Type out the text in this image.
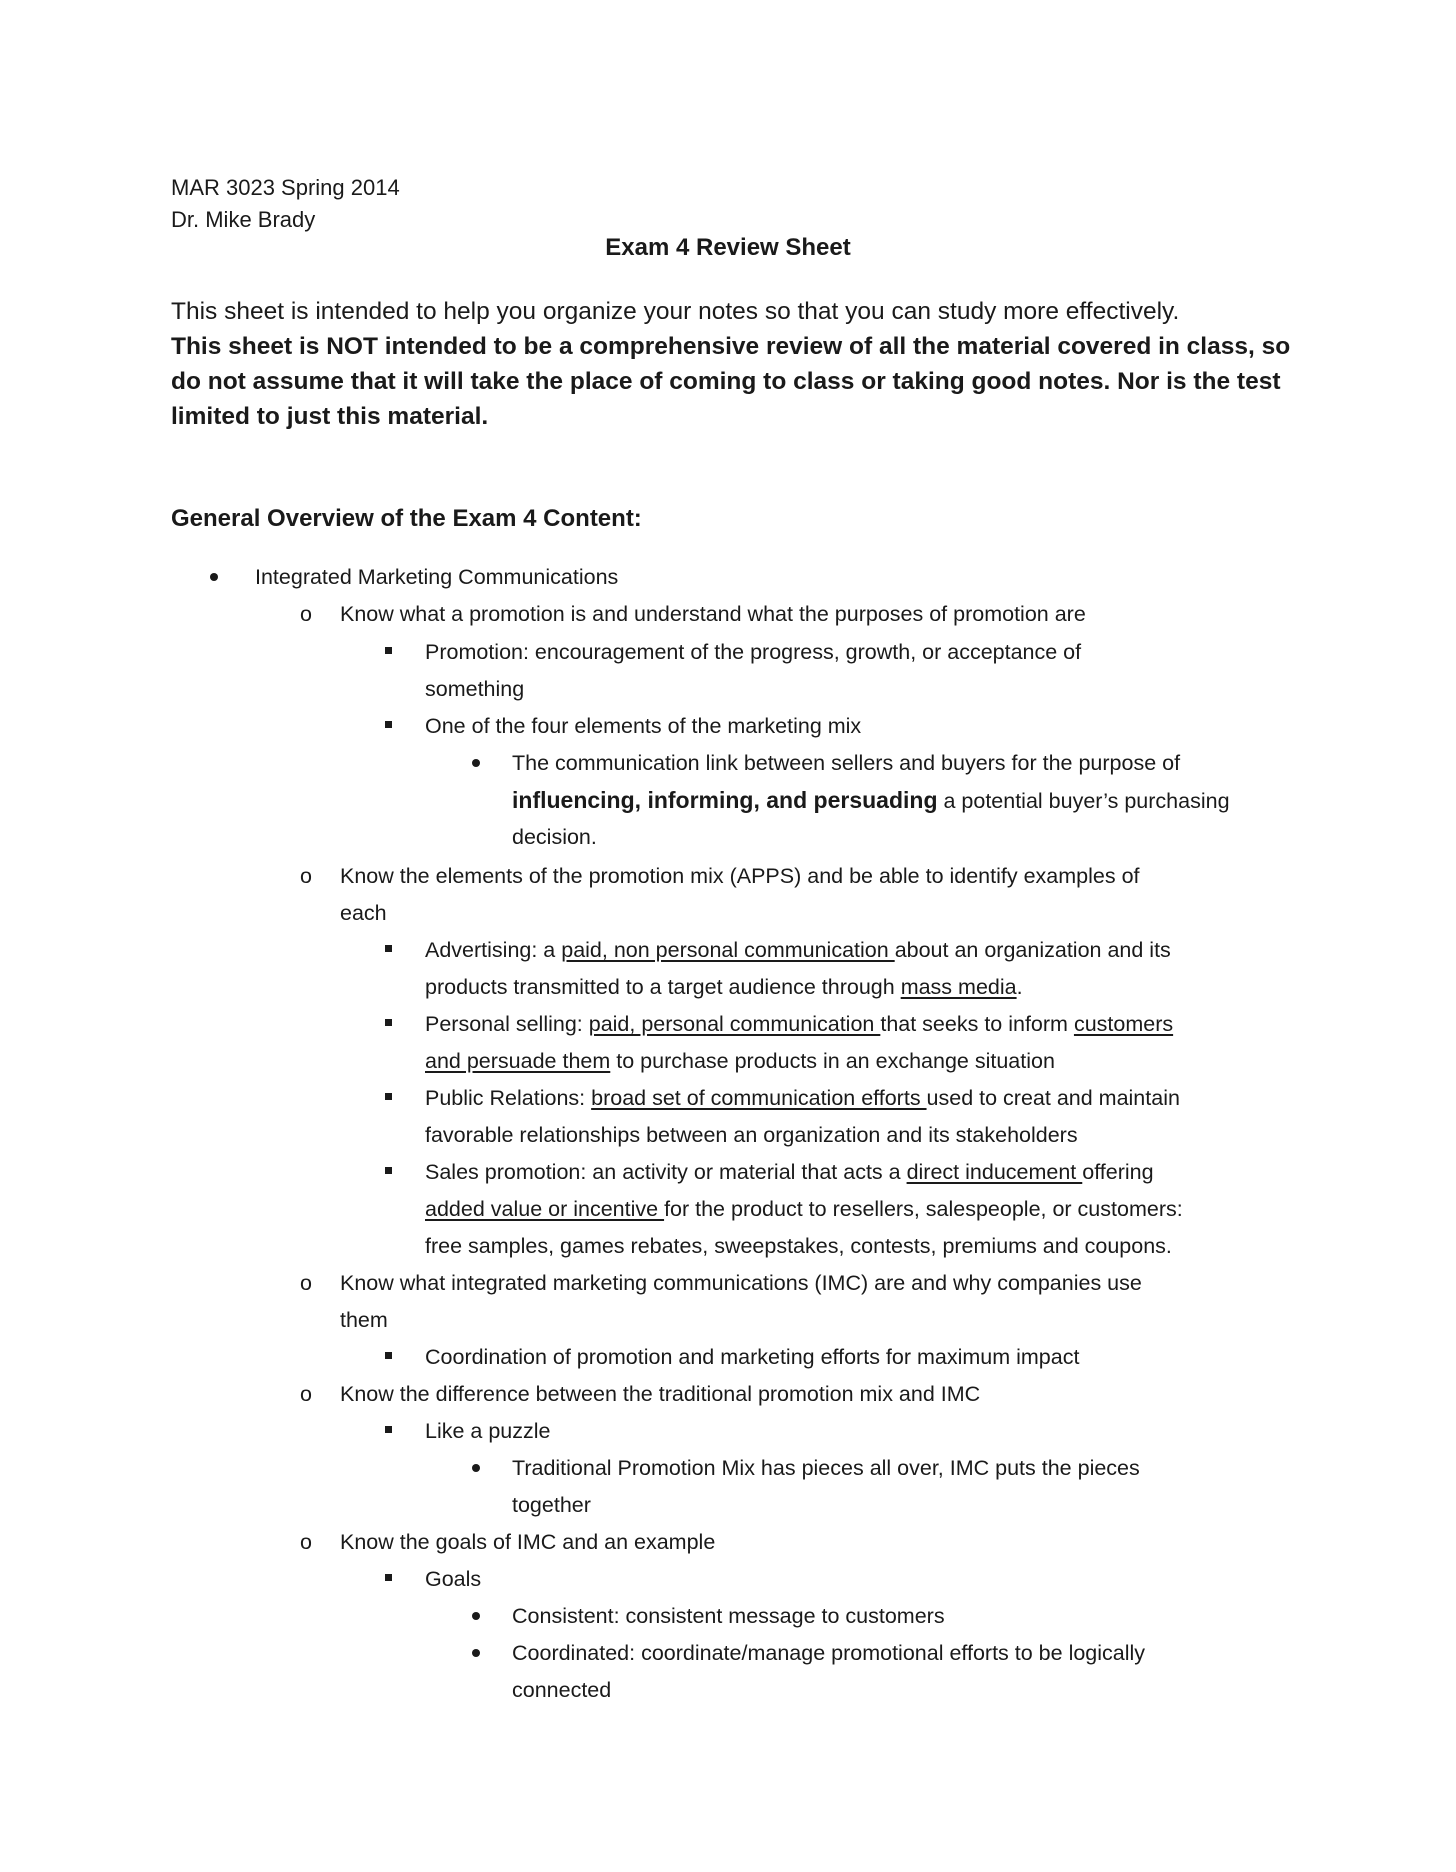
MAR 3023 Spring 2014
Dr. Mike Brady
Exam 4 Review Sheet
This sheet is intended to help you organize your notes so that you can study more effectively.
This sheet is NOT intended to be a comprehensive review of all the material covered in class, so do not assume that it will take the place of coming to class or taking good notes. Nor is the test limited to just this material.
General Overview of the Exam 4 Content:
Integrated Marketing Communications
o Know what a promotion is and understand what the purposes of promotion are
Promotion: encouragement of the progress, growth, or acceptance of
something
One of the four elements of the marketing mix
The communication link between sellers and buyers for the purpose of
influencing, informing, and persuading a potential buyer’s purchasing
decision.
o Know the elements of the promotion mix (APPS) and be able to identify examples of
each
Advertising: a paid, non personal communication about an organization and its
products transmitted to a target audience through mass media.
Personal selling: paid, personal communication that seeks to inform customers
and persuade them to purchase products in an exchange situation
Public Relations: broad set of communication efforts used to creat and maintain
favorable relationships between an organization and its stakeholders
Sales promotion: an activity or material that acts a direct inducement offering
added value or incentive for the product to resellers, salespeople, or customers:
free samples, games rebates, sweepstakes, contests, premiums and coupons.
o Know what integrated marketing communications (IMC) are and why companies use
them
Coordination of promotion and marketing efforts for maximum impact
o Know the difference between the traditional promotion mix and IMC
Like a puzzle
Traditional Promotion Mix has pieces all over, IMC puts the pieces
together
o Know the goals of IMC and an example
Goals
Consistent: consistent message to customers
Coordinated: coordinate/manage promotional efforts to be logically
connected
